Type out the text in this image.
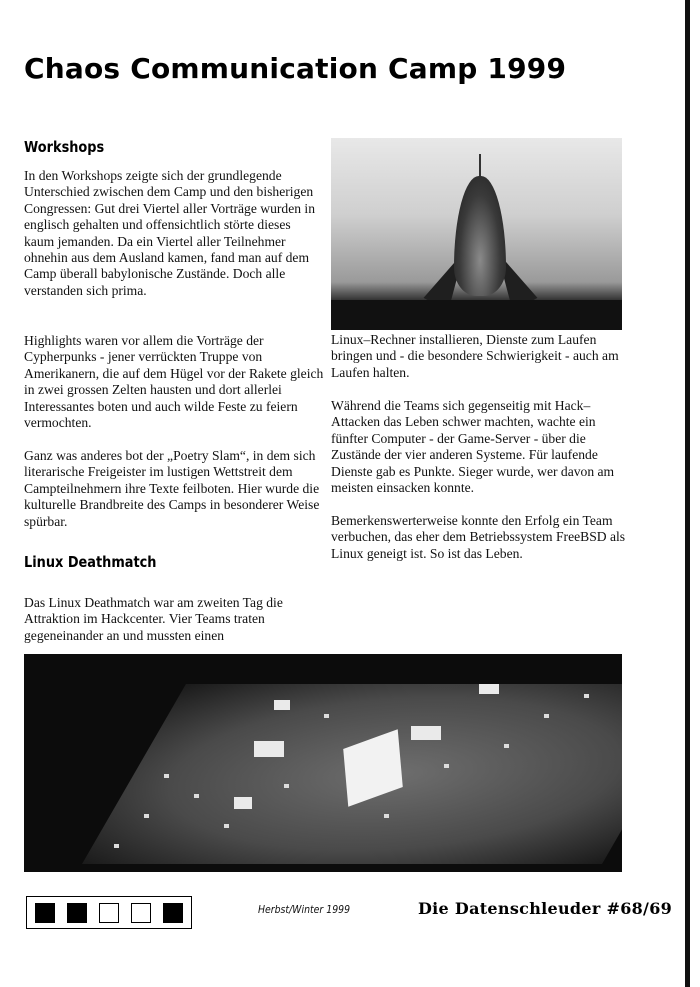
Chaos Communication Camp 1999
Workshops

In den Workshops zeigte sich der grundlegende Unterschied zwischen dem Camp und den bisherigen Congressen: Gut drei Viertel aller Vorträge wurden in englisch gehalten und offensichtlich störte dieses kaum jemanden. Da ein Viertel aller Teilnehmer ohnehin aus dem Ausland kamen, fand man auf dem Camp überall babylonische Zustände. Doch alle verstanden sich prima.

Highlights waren vor allem die Vorträge der Cypherpunks - jener verrückten Truppe von Amerikanern, die auf dem Hügel vor der Rakete gleich in zwei grossen Zelten hausten und dort allerlei Interessantes boten und auch wilde Feste zu feiern vermochten.

Ganz was anderes bot der „Poetry Slam“, in dem sich literarische Freigeister im lustigen Wettstreit dem Campteilnehmern ihre Texte feilboten. Hier wurde die kulturelle Brandbreite des Camps in besonderer Weise spürbar.

Linux Deathmatch

Das Linux Deathmatch war am zweiten Tag die Attraktion im Hackcenter. Vier Teams traten gegeneinander an und mussten einen

Linux–Rechner installieren, Dienste zum Laufen bringen und - die besondere Schwierigkeit - auch am Laufen halten.

Während die Teams sich gegenseitig mit Hack–Attacken das Leben schwer machten, wachte ein fünfter Computer - der Game-Server - über die Zustände der vier anderen Systeme. Für laufende Dienste gab es Punkte. Sieger wurde, wer davon am meisten einsacken konnte.

Bemerkenswerterweise konnte den Erfolg ein Team verbuchen, das eher dem Betriebssystem FreeBSD als Linux geneigt ist. So ist das Leben.

Herbst/Winter 1999	Die Datenschleuder #68/69
